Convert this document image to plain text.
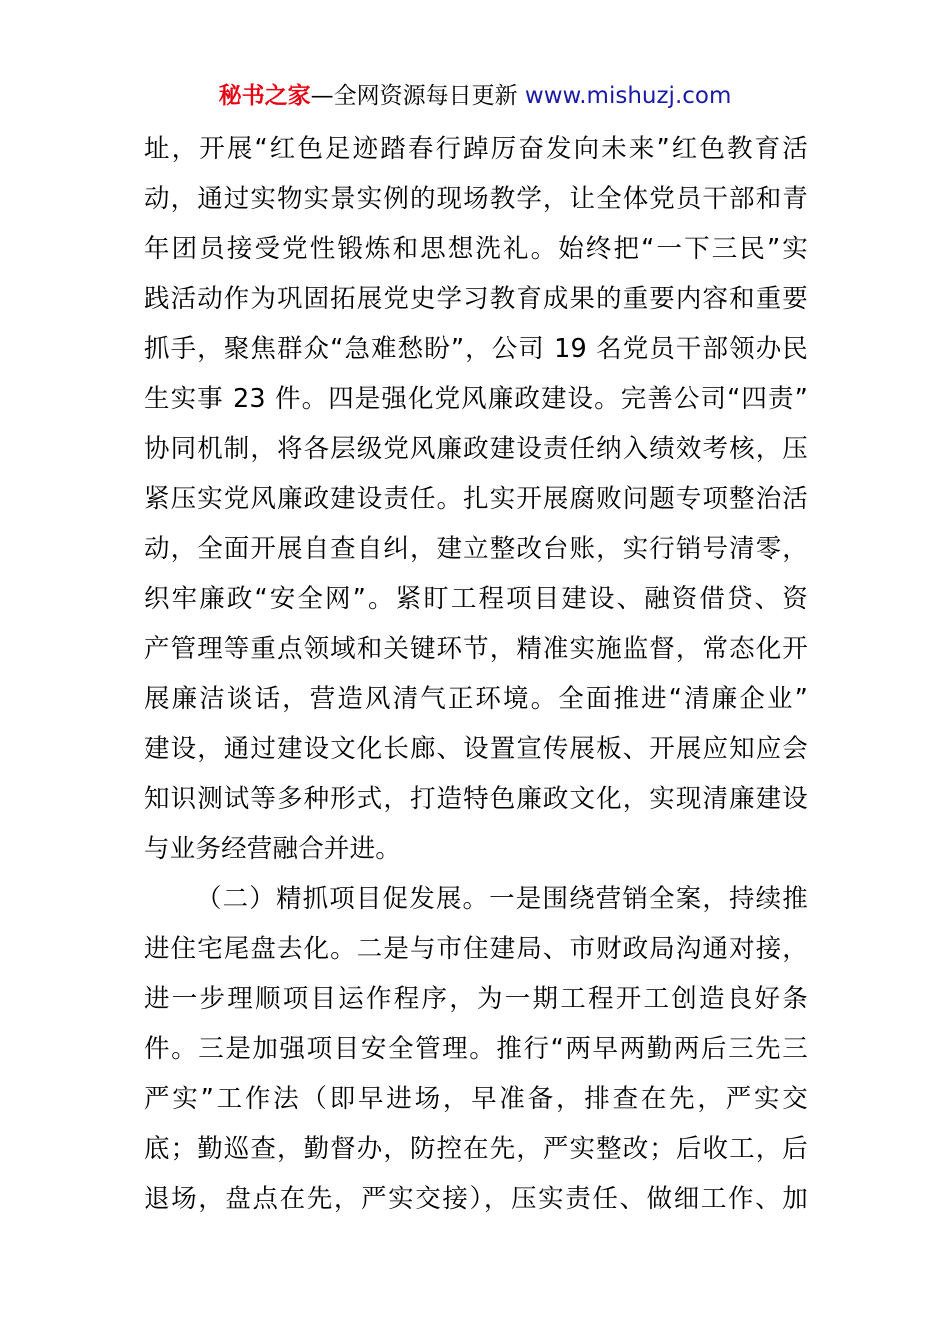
秘书之家—全网资源每日更新 www.mishuzj.com
址，开展“红色足迹踏春行踔厉奋发向未来”红色教育活
动，通过实物实景实例的现场教学，让全体党员干部和青
年团员接受党性锻炼和思想洗礼。始终把“一下三民”实
践活动作为巩固拓展党史学习教育成果的重要内容和重要
抓手，聚焦群众“急难愁盼”，公司 19 名党员干部领办民
生实事 23 件。四是强化党风廉政建设。完善公司“四责”
协同机制，将各层级党风廉政建设责任纳入绩效考核，压
紧压实党风廉政建设责任。扎实开展腐败问题专项整治活
动，全面开展自查自纠，建立整改台账，实行销号清零，
织牢廉政“安全网”。紧盯工程项目建设、融资借贷、资
产管理等重点领域和关键环节，精准实施监督，常态化开
展廉洁谈话，营造风清气正环境。全面推进“清廉企业”
建设，通过建设文化长廊、设置宣传展板、开展应知应会
知识测试等多种形式，打造特色廉政文化，实现清廉建设
与业务经营融合并进。
（二）精抓项目促发展。一是围绕营销全案，持续推
进住宅尾盘去化。二是与市住建局、市财政局沟通对接，
进一步理顺项目运作程序，为一期工程开工创造良好条
件。三是加强项目安全管理。推行“两早两勤两后三先三
严实”工作法（即早进场，早准备，排查在先，严实交
底；勤巡查，勤督办，防控在先，严实整改；后收工，后
退场，盘点在先，严实交接），压实责任、做细工作、加
